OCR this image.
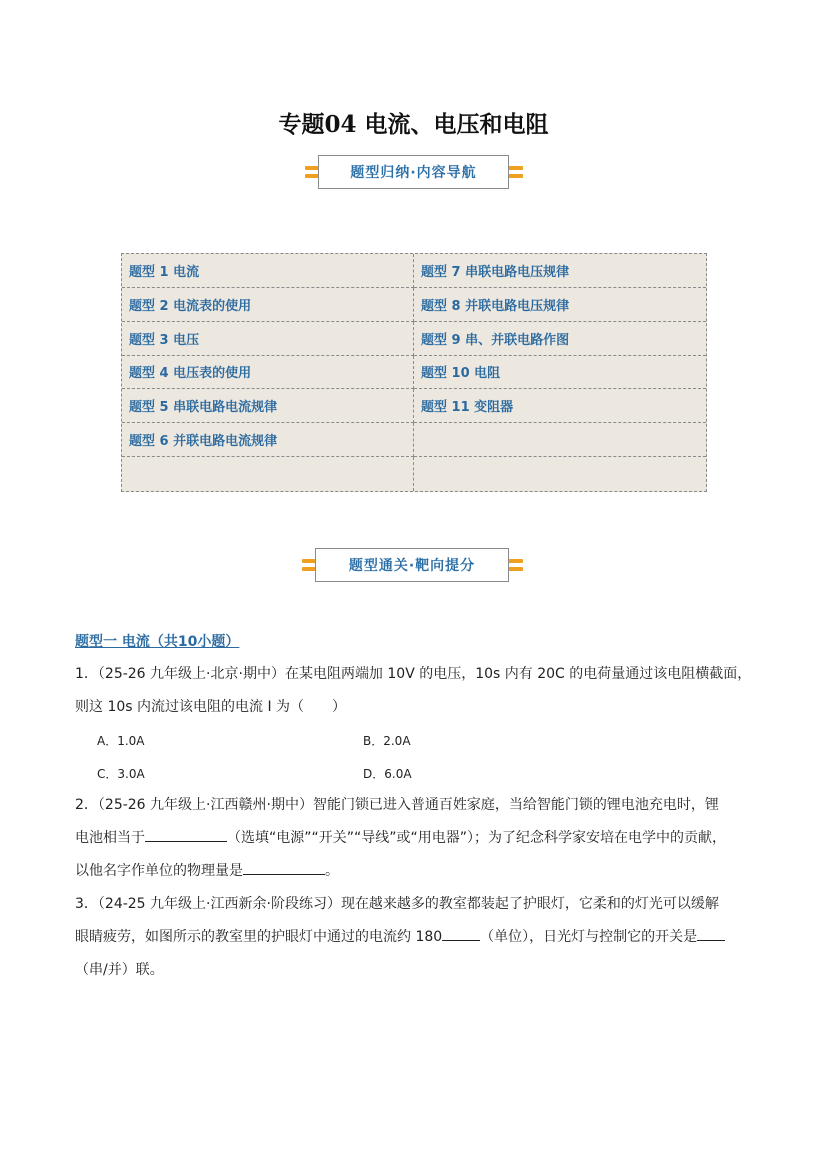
专题04 电流、电压和电阻
题型归纳·内容导航
题型 1 电流	题型 7 串联电路电压规律
题型 2 电流表的使用	题型 8 并联电路电压规律
题型 3 电压	题型 9 串、并联电路作图
题型 4 电压表的使用	题型 10 电阻
题型 5 串联电路电流规律	题型 11 变阻器
题型 6 并联电路电流规律
题型通关·靶向提分
题型一 电流（共10小题）
1．（25-26 九年级上·北京·期中）在某电阻两端加 10V 的电压，10s 内有 20C 的电荷量通过该电阻横截面，
则这 10s 内流过该电阻的电流 I 为（　　）
A．1.0A	B．2.0A
C．3.0A	D．6.0A
2．（25-26 九年级上·江西赣州·期中）智能门锁已进入普通百姓家庭，当给智能门锁的锂电池充电时，锂
电池相当于	（选填“电源”“开关”“导线”或“用电器”）；为了纪念科学家安培在电学中的贡献，
以他名字作单位的物理量是	。
3．（24-25 九年级上·江西新余·阶段练习）现在越来越多的教室都装起了护眼灯，它柔和的灯光可以缓解
眼睛疲劳，如图所示的教室里的护眼灯中通过的电流约 180	（单位），日光灯与控制它的开关是
（串/并）联。
